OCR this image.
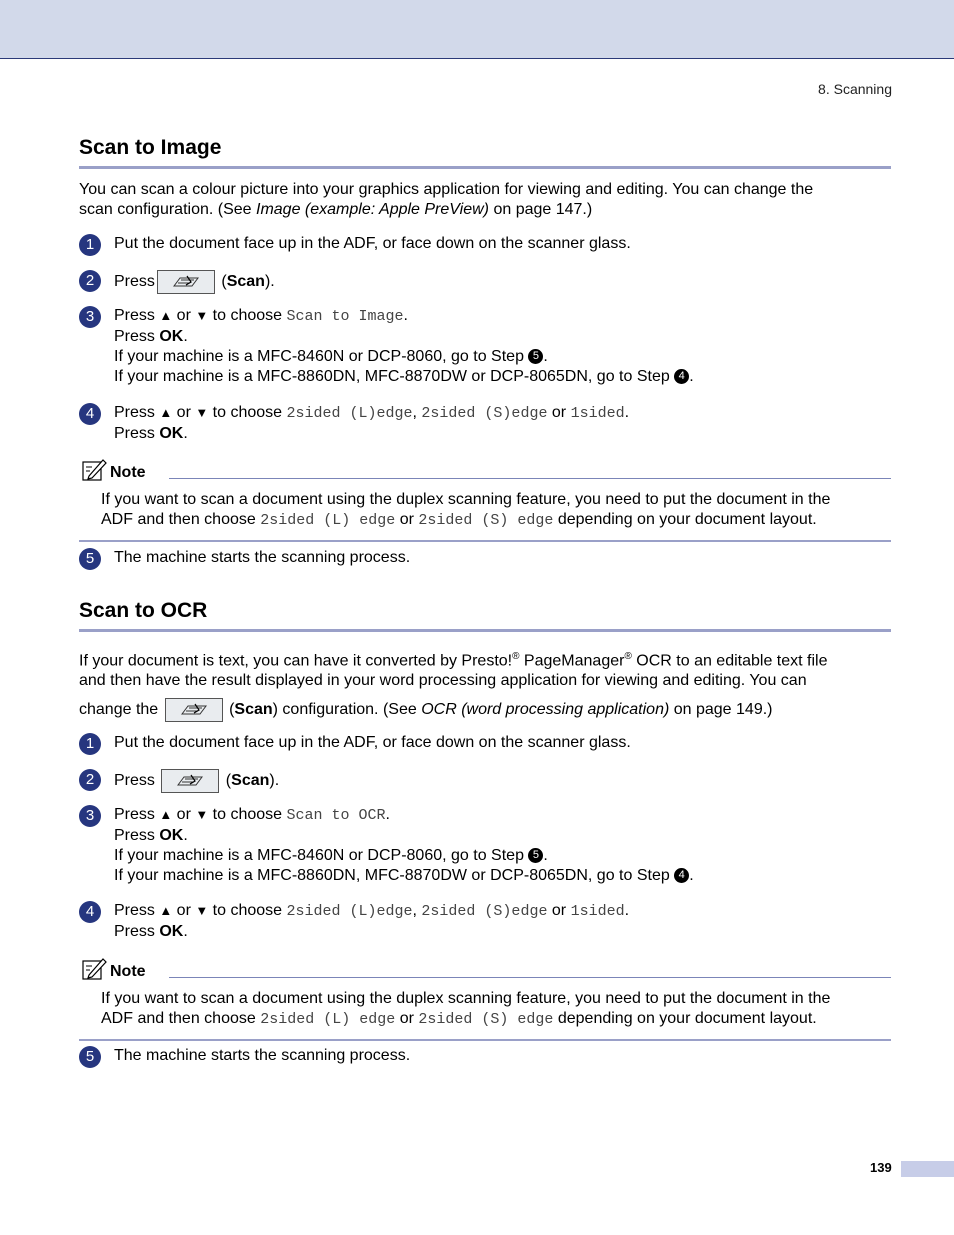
8. Scanning
Scan to Image
You can scan a colour picture into your graphics application for viewing and editing. You can change the
scan configuration. (See Image (example: Apple PreView) on page 147.)
1	Put the document face up in the ADF, or face down on the scanner glass.
2	Press	(Scan).
3	Press ▲ or ▼ to choose Scan to Image.
Press OK.
If your machine is a MFC-8460N or DCP-8060, go to Step 5 .
If your machine is a MFC-8860DN, MFC-8870DW or DCP-8065DN, go to Step 4 .
4	Press ▲ or ▼ to choose 2sided (L)edge, 2sided (S)edge or 1sided.
Press OK.
Note
If you want to scan a document using the duplex scanning feature, you need to put the document in the
ADF and then choose 2sided (L) edge or 2sided (S) edge depending on your document layout.
5	The machine starts the scanning process.
Scan to OCR
If your document is text, you can have it converted by Presto!® PageManager® OCR to an editable text file
and then have the result displayed in your word processing application for viewing and editing. You can
change the	(Scan) configuration. (See OCR (word processing application) on page 149.)
1	Put the document face up in the ADF, or face down on the scanner glass.
2	Press	(Scan).
3	Press ▲ or ▼ to choose Scan to OCR.
Press OK.
If your machine is a MFC-8460N or DCP-8060, go to Step 5 .
If your machine is a MFC-8860DN, MFC-8870DW or DCP-8065DN, go to Step 4 .
4	Press ▲ or ▼ to choose 2sided (L)edge, 2sided (S)edge or 1sided.
Press OK.
Note
If you want to scan a document using the duplex scanning feature, you need to put the document in the
ADF and then choose 2sided (L) edge or 2sided (S) edge depending on your document layout.
5	The machine starts the scanning process.
139
